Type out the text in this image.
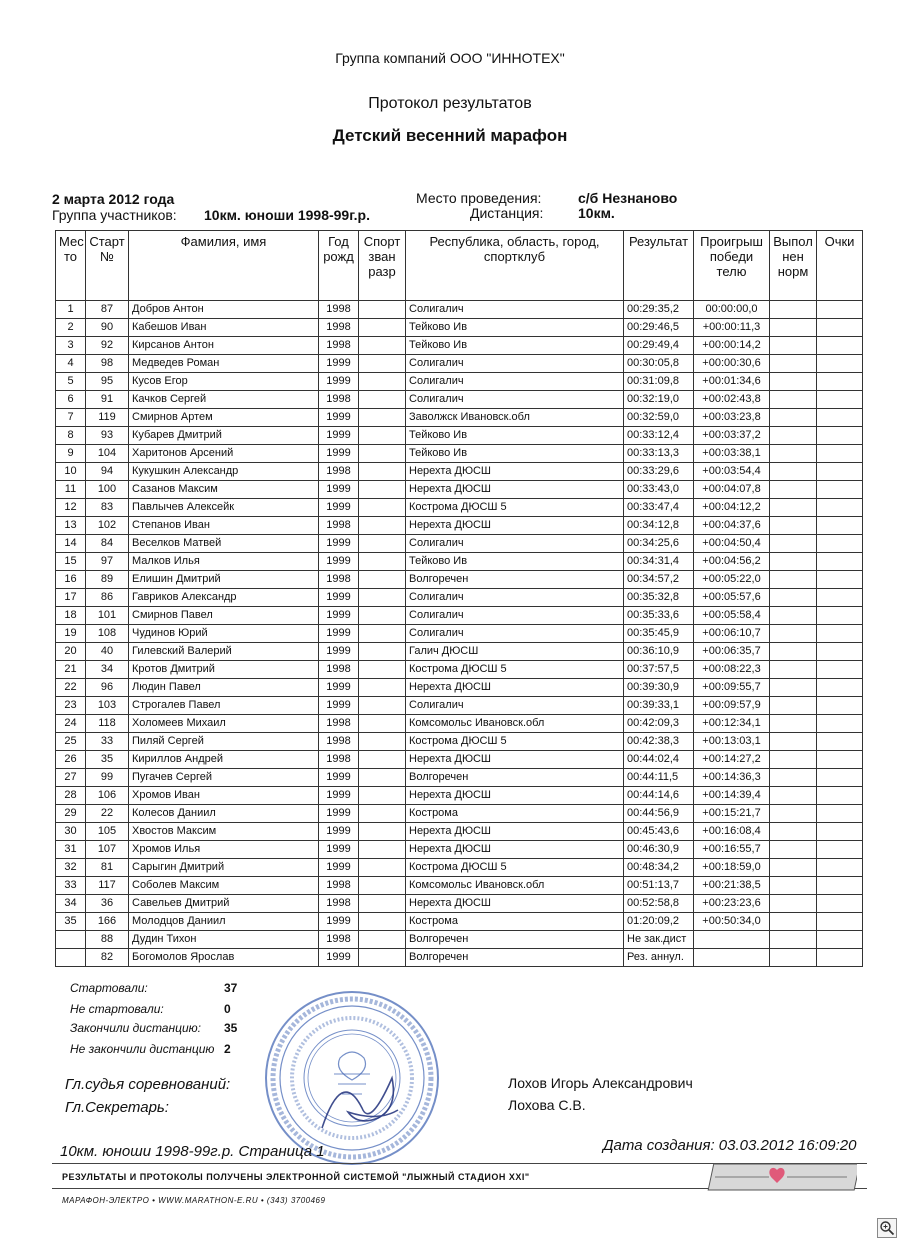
Группа компаний ООО "ИННОТЕХ"
Протокол результатов
Детский весенний марафон
2 марта 2012 года
Группа участников: 10км. юноши 1998-99г.р.
Место проведения:	с/б Незнаново
Дистанция: 10км.
Мес то	Старт №	Фамилия, имя	Год рожд	Спорт зван разр	Республика, область, город, спортклуб	Результат	Проигрыш победи телю	Выпол нен норм	Очки
1	87	Добров Антон	1998		Солигалич	00:29:35,2	00:00:00,0		
2	90	Кабешов Иван	1998		Тейково Ив	00:29:46,5	+00:00:11,3		
3	92	Кирсанов Антон	1998		Тейково Ив	00:29:49,4	+00:00:14,2		
4	98	Медведев Роман	1999		Солигалич	00:30:05,8	+00:00:30,6		
5	95	Кусов Егор	1999		Солигалич	00:31:09,8	+00:01:34,6		
6	91	Качков Сергей	1998		Солигалич	00:32:19,0	+00:02:43,8		
7	119	Смирнов Артем	1999		Заволжск Ивановск.обл	00:32:59,0	+00:03:23,8		
8	93	Кубарев Дмитрий	1999		Тейково Ив	00:33:12,4	+00:03:37,2		
9	104	Харитонов Арсений	1999		Тейково Ив	00:33:13,3	+00:03:38,1		
10	94	Кукушкин Александр	1998		Нерехта ДЮСШ	00:33:29,6	+00:03:54,4		
11	100	Сазанов Максим	1999		Нерехта ДЮСШ	00:33:43,0	+00:04:07,8		
12	83	Павлычев Алексейк	1999		Кострома ДЮСШ 5	00:33:47,4	+00:04:12,2		
13	102	Степанов Иван	1998		Нерехта ДЮСШ	00:34:12,8	+00:04:37,6		
14	84	Веселков Матвей	1999		Солигалич	00:34:25,6	+00:04:50,4		
15	97	Малков Илья	1999		Тейково Ив	00:34:31,4	+00:04:56,2		
16	89	Елишин Дмитрий	1998		Волгоречен	00:34:57,2	+00:05:22,0		
17	86	Гавриков Александр	1999		Солигалич	00:35:32,8	+00:05:57,6		
18	101	Смирнов Павел	1999		Солигалич	00:35:33,6	+00:05:58,4		
19	108	Чудинов Юрий	1999		Солигалич	00:35:45,9	+00:06:10,7		
20	40	Гилевский Валерий	1999		Галич ДЮСШ	00:36:10,9	+00:06:35,7		
21	34	Кротов Дмитрий	1998		Кострома ДЮСШ 5	00:37:57,5	+00:08:22,3		
22	96	Людин Павел	1999		Нерехта ДЮСШ	00:39:30,9	+00:09:55,7		
23	103	Строгалев Павел	1999		Солигалич	00:39:33,1	+00:09:57,9		
24	118	Холомеев Михаил	1998		Комсомольс Ивановск.обл	00:42:09,3	+00:12:34,1		
25	33	Пиляй Сергей	1998		Кострома ДЮСШ 5	00:42:38,3	+00:13:03,1		
26	35	Кириллов Андрей	1998		Нерехта ДЮСШ	00:44:02,4	+00:14:27,2		
27	99	Пугачев Сергей	1999		Волгоречен	00:44:11,5	+00:14:36,3		
28	106	Хромов Иван	1999		Нерехта ДЮСШ	00:44:14,6	+00:14:39,4		
29	22	Колесов Даниил	1999		Кострома	00:44:56,9	+00:15:21,7		
30	105	Хвостов Максим	1999		Нерехта ДЮСШ	00:45:43,6	+00:16:08,4		
31	107	Хромов Илья	1999		Нерехта ДЮСШ	00:46:30,9	+00:16:55,7		
32	81	Сарыгин Дмитрий	1999		Кострома ДЮСШ 5	00:48:34,2	+00:18:59,0		
33	117	Соболев Максим	1998		Комсомольс Ивановск.обл	00:51:13,7	+00:21:38,5		
34	36	Савельев Дмитрий	1998		Нерехта ДЮСШ	00:52:58,8	+00:23:23,6		
35	166	Молодцов Даниил	1999		Кострома	01:20:09,2	+00:50:34,0		
	88	Дудин Тихон	1998		Волгоречен	Не зак.дист			
	82	Богомолов Ярослав	1999		Волгоречен	Рез. аннул.			
Стартовали:	37
Не стартовали:	0
Закончили дистанцию: 35
Не закончили дистанцию 2
Гл.судья соревнований:
Гл.Секретарь:
Лохов Игорь Александрович
Лохова С.В.
10км. юноши 1998-99г.р. Страница 1	Дата создания: 03.03.2012 16:09:20
РЕЗУЛЬТАТЫ И ПРОТОКОЛЫ ПОЛУЧЕНЫ ЭЛЕКТРОННОЙ СИСТЕМОЙ "ЛЫЖНЫЙ СТАДИОН XXI"
МАРАФОН-ЭЛЕКТРО • WWW.MARATHON-E.RU • (343) 3700469
